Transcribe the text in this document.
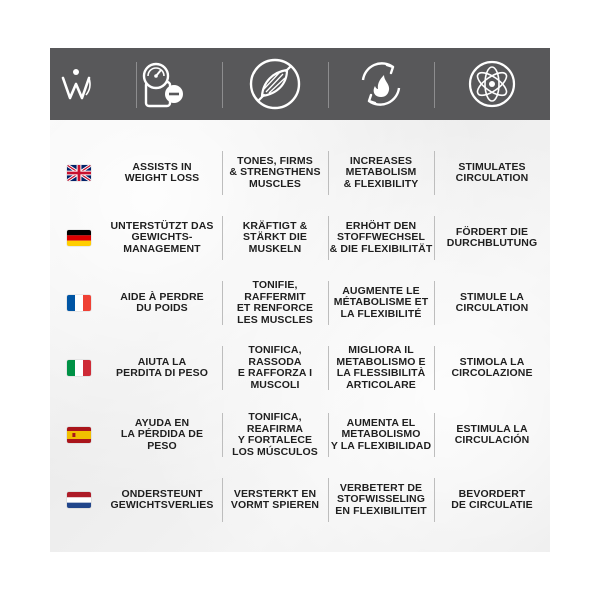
ASSISTS IN
WEIGHT LOSS
TONES, FIRMS
& STRENGTHENS
MUSCLES
INCREASES
METABOLISM
& FLEXIBILITY
STIMULATES
CIRCULATION
UNTERSTÜTZT DAS
GEWICHTS-
MANAGEMENT
KRÄFTIGT &
STÄRKT DIE
MUSKELN
ERHÖHT DEN
STOFFWECHSEL
& DIE FLEXIBILITÄT
FÖRDERT DIE
DURCHBLUTUNG
AIDE À PERDRE
DU POIDS
TONIFIE, RAFFERMIT
ET RENFORCE
LES MUSCLES
AUGMENTE LE
MÉTABOLISME ET
LA FLEXIBILITÉ
STIMULE LA
CIRCULATION
AIUTA LA
PERDITA DI PESO
TONIFICA, RASSODA
E RAFFORZA I
MUSCOLI
MIGLIORA IL
METABOLISMO E
LA FLESSIBILITÀ
ARTICOLARE
STIMOLA LA
CIRCOLAZIONE
AYUDA EN
LA PÉRDIDA DE
PESO
TONIFICA, REAFIRMA
Y FORTALECE
LOS MÚSCULOS
AUMENTA EL
METABOLISMO
Y LA FLEXIBILIDAD
ESTIMULA LA
CIRCULACIÓN
ONDERSTEUNT
GEWICHTSVERLIES
VERSTERKT EN
VORMT SPIEREN
VERBETERT DE
STOFWISSELING
EN FLEXIBILITEIT
BEVORDERT
DE CIRCULATIE
